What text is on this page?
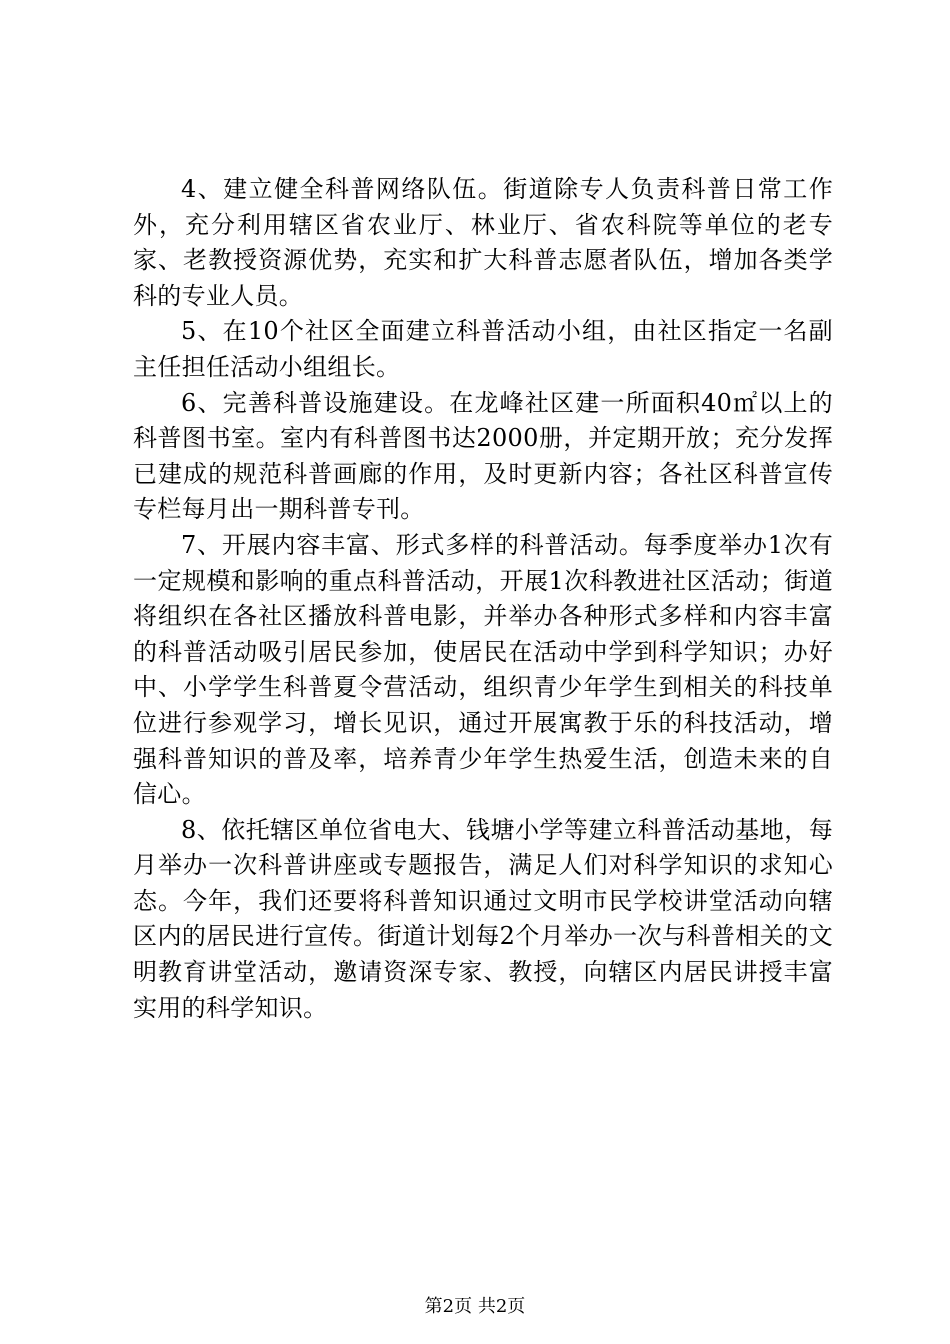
4、建立健全科普网络队伍。街道除专人负责科普日常工作外，充分利用辖区省农业厅、林业厅、省农科院等单位的老专家、老教授资源优势，充实和扩大科普志愿者队伍，增加各类学科的专业人员。

5、在10个社区全面建立科普活动小组，由社区指定一名副主任担任活动小组组长。

6、完善科普设施建设。在龙峰社区建一所面积40㎡以上的科普图书室。室内有科普图书达2000册，并定期开放；充分发挥已建成的规范科普画廊的作用，及时更新内容；各社区科普宣传专栏每月出一期科普专刊。

7、开展内容丰富、形式多样的科普活动。每季度举办1次有一定规模和影响的重点科普活动，开展1次科教进社区活动；街道将组织在各社区播放科普电影，并举办各种形式多样和内容丰富的科普活动吸引居民参加，使居民在活动中学到科学知识；办好中、小学学生科普夏令营活动，组织青少年学生到相关的科技单位进行参观学习，增长见识，通过开展寓教于乐的科技活动，增强科普知识的普及率，培养青少年学生热爱生活，创造未来的自信心。

8、依托辖区单位省电大、钱塘小学等建立科普活动基地，每月举办一次科普讲座或专题报告，满足人们对科学知识的求知心态。今年，我们还要将科普知识通过文明市民学校讲堂活动向辖区内的居民进行宣传。街道计划每2个月举办一次与科普相关的文明教育讲堂活动，邀请资深专家、教授，向辖区内居民讲授丰富实用的科学知识。

第2页 共2页
